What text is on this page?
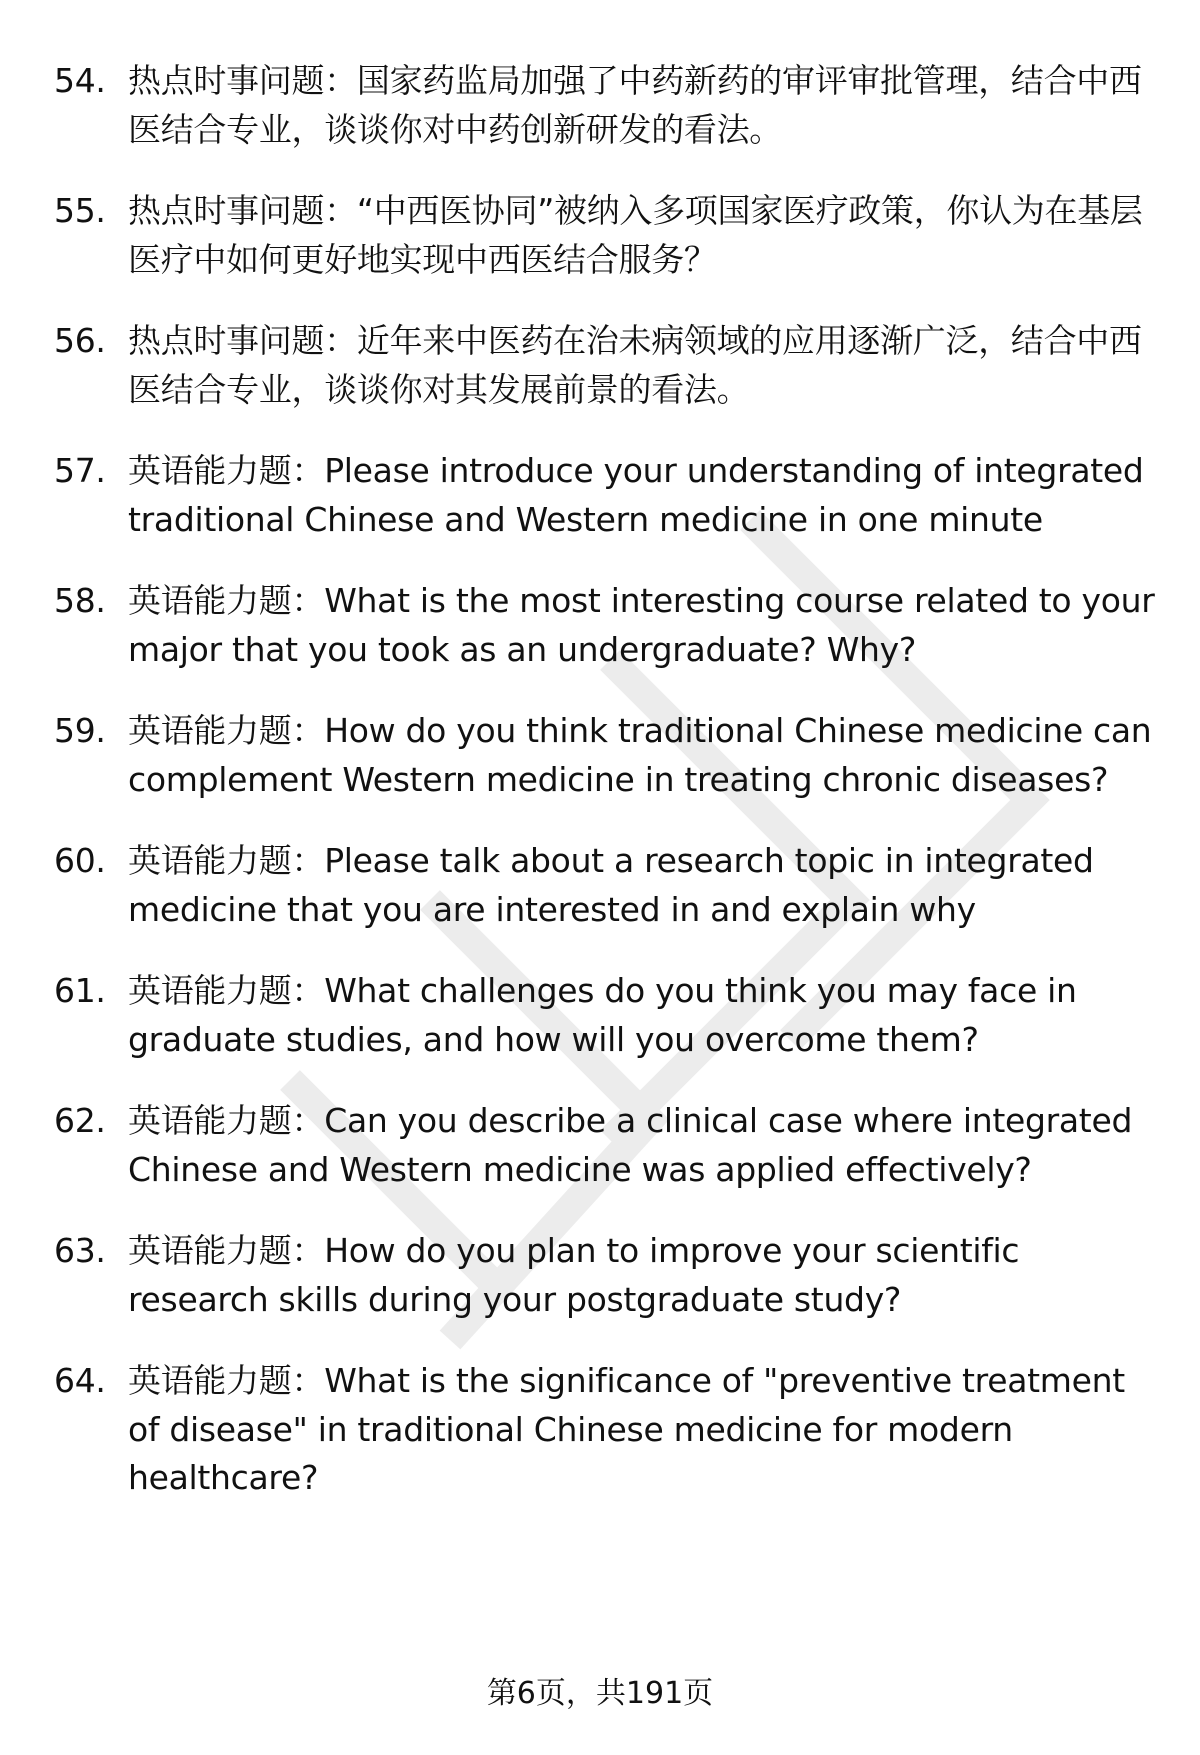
54. 热点时事问题：国家药监局加强了中药新药的审评审批管理，结合中西医结合专业，谈谈你对中药创新研发的看法。
55. 热点时事问题：“中西医协同”被纳入多项国家医疗政策，你认为在基层医疗中如何更好地实现中西医结合服务？
56. 热点时事问题：近年来中医药在治未病领域的应用逐渐广泛，结合中西医结合专业，谈谈你对其发展前景的看法。
57. 英语能力题：Please introduce your understanding of integrated traditional Chinese and Western medicine in one minute
58. 英语能力题：What is the most interesting course related to your major that you took as an undergraduate? Why?
59. 英语能力题：How do you think traditional Chinese medicine can complement Western medicine in treating chronic diseases?
60. 英语能力题：Please talk about a research topic in integrated medicine that you are interested in and explain why
61. 英语能力题：What challenges do you think you may face in graduate studies, and how will you overcome them?
62. 英语能力题：Can you describe a clinical case where integrated Chinese and Western medicine was applied effectively?
63. 英语能力题：How do you plan to improve your scientific research skills during your postgraduate study?
64. 英语能力题：What is the significance of "preventive treatment of disease" in traditional Chinese medicine for modern healthcare?
第6页，共191页
